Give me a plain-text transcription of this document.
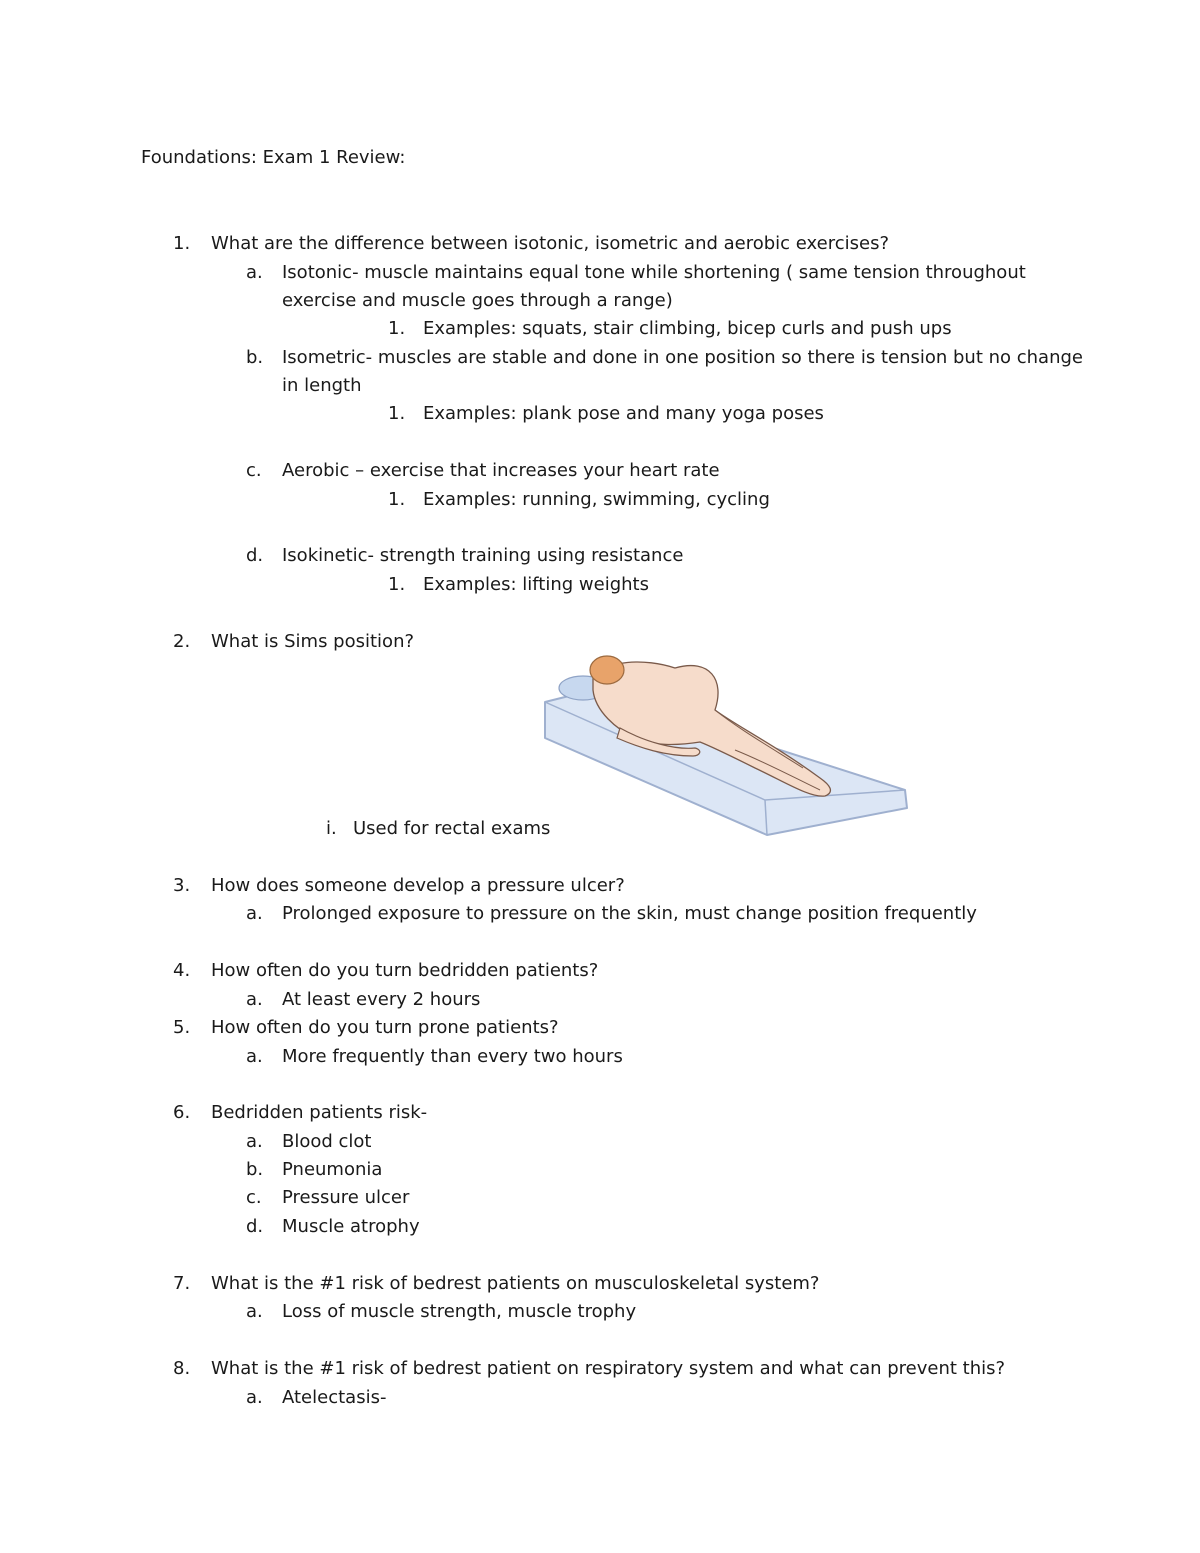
Foundations: Exam 1 Review:
1. What are the difference between isotonic, isometric and aerobic exercises?
a. Isotonic- muscle maintains equal tone while shortening ( same tension throughout
exercise and muscle goes through a range)
1. Examples: squats, stair climbing, bicep curls and push ups
b. Isometric- muscles are stable and done in one position so there is tension but no change
in length
1. Examples: plank pose and many yoga poses
c. Aerobic – exercise that increases your heart rate
1. Examples: running, swimming, cycling
d. Isokinetic- strength training using resistance
1. Examples: lifting weights
2. What is Sims position?
i. Used for rectal exams
3. How does someone develop a pressure ulcer?
a. Prolonged exposure to pressure on the skin, must change position frequently
4. How often do you turn bedridden patients?
a. At least every 2 hours
5. How often do you turn prone patients?
a. More frequently than every two hours
6. Bedridden patients risk-
a. Blood clot
b. Pneumonia
c. Pressure ulcer
d. Muscle atrophy
7. What is the #1 risk of bedrest patients on musculoskeletal system?
a. Loss of muscle strength, muscle trophy
8. What is the #1 risk of bedrest patient on respiratory system and what can prevent this?
a. Atelectasis-
